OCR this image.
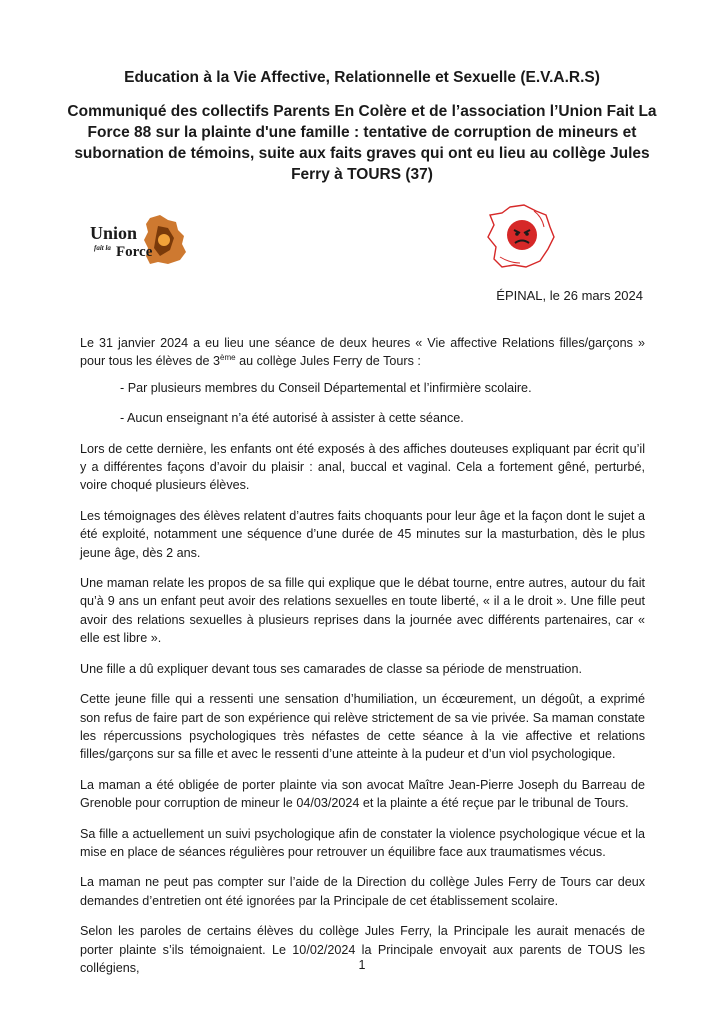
Education à la Vie Affective, Relationnelle et Sexuelle (E.V.A.R.S)
Communiqué des collectifs Parents En Colère et de l’association l’Union Fait La Force 88 sur la plainte d'une famille : tentative de corruption de mineurs et subornation de témoins, suite aux faits graves qui ont eu lieu au collège Jules Ferry à TOURS (37)
Union
fait la Force
ÉPINAL, le 26 mars 2024

Le 31 janvier 2024 a eu lieu une séance de deux heures « Vie affective Relations filles/garçons » pour tous les élèves de 3ème au collège Jules Ferry de Tours :

- Par plusieurs membres du Conseil Départemental et l’infirmière scolaire.

- Aucun enseignant n’a été autorisé à assister à cette séance.

Lors de cette dernière, les enfants ont été exposés à des affiches douteuses expliquant par écrit qu’il y a différentes façons d’avoir du plaisir : anal, buccal et vaginal. Cela a fortement gêné, perturbé, voire choqué plusieurs élèves.

Les témoignages des élèves relatent d’autres faits choquants pour leur âge et la façon dont le sujet a été exploité, notamment une séquence d’une durée de 45 minutes sur la masturbation, dès le plus jeune âge, dès 2 ans.

Une maman relate les propos de sa fille qui explique que le débat tourne, entre autres, autour du fait qu’à 9 ans un enfant peut avoir des relations sexuelles en toute liberté, « il a le droit ». Une fille peut avoir des relations sexuelles à plusieurs reprises dans la journée avec différents partenaires, car « elle est libre ».

Une fille a dû expliquer devant tous ses camarades de classe sa période de menstruation.

Cette jeune fille qui a ressenti une sensation d’humiliation, un écœurement, un dégoût, a exprimé son refus de faire part de son expérience qui relève strictement de sa vie privée. Sa maman constate les répercussions psychologiques très néfastes de cette séance à la vie affective et relations filles/garçons sur sa fille et avec le ressenti d’une atteinte à la pudeur et d’un viol psychologique.

La maman a été obligée de porter plainte via son avocat Maître Jean-Pierre Joseph du Barreau de Grenoble pour corruption de mineur le 04/03/2024 et la plainte a été reçue par le tribunal de Tours.

Sa fille a actuellement un suivi psychologique afin de constater la violence psychologique vécue et la mise en place de séances régulières pour retrouver un équilibre face aux traumatismes vécus.

La maman ne peut pas compter sur l’aide de la Direction du collège Jules Ferry de Tours car deux demandes d’entretien ont été ignorées par la Principale de cet établissement scolaire.

Selon les paroles de certains élèves du collège Jules Ferry, la Principale les aurait menacés de porter plainte s’ils témoignaient. Le 10/02/2024 la Principale envoyait aux parents de TOUS les collégiens,	1
